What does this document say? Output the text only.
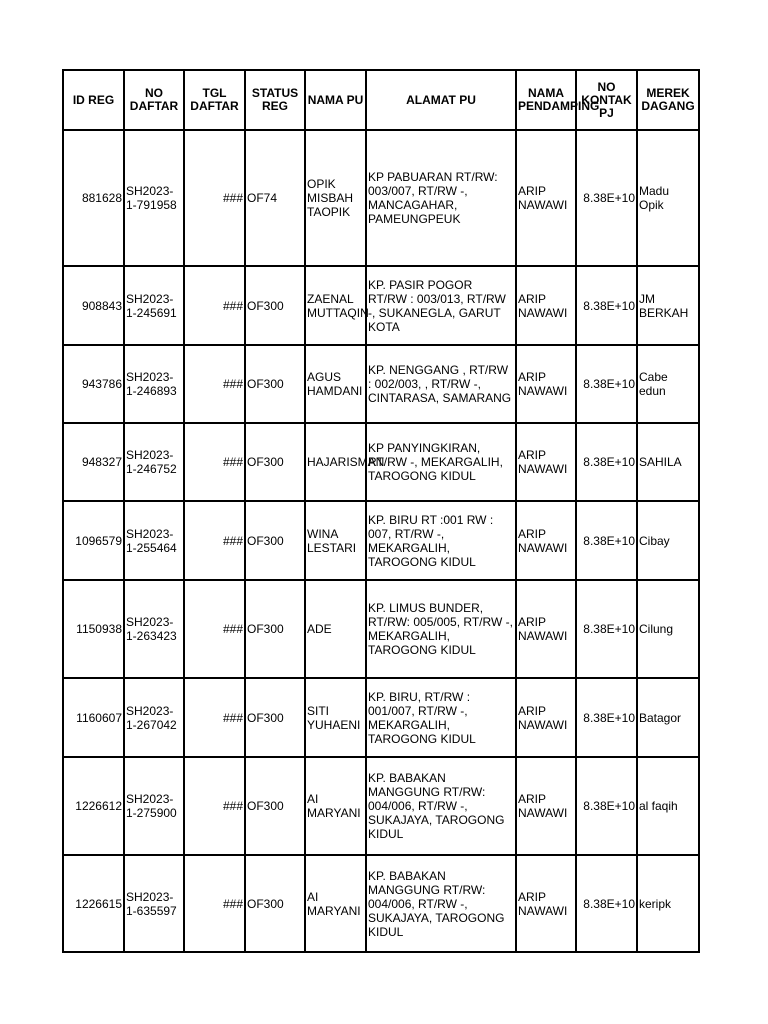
ID REG	NO DAFTAR	TGL DAFTAR	STATUS REG	NAMA PU	ALAMAT PU	NAMA PENDAMPING	NO KONTAK PJ	MEREK DAGANG
881628	SH2023-1-791958	###	OF74	OPIK MISBAH TAOPIK	KP PABUARAN RT/RW: 003/007, RT/RW -, MANCAGAHAR, PAMEUNGPEUK	ARIP NAWAWI	8.38E+10	Madu Opik
908843	SH2023-1-245691	###	OF300	ZAENAL MUTTAQIN	KP. PASIR POGOR RT/RW : 003/013, RT/RW -, SUKANEGLA, GARUT KOTA	ARIP NAWAWI	8.38E+10	JM BERKAH
943786	SH2023-1-246893	###	OF300	AGUS HAMDANI	KP. NENGGANG , RT/RW : 002/003, , RT/RW -, CINTARASA, SAMARANG	ARIP NAWAWI	8.38E+10	Cabe edun
948327	SH2023-1-246752	###	OF300	HAJARISMAN	KP PANYINGKIRAN, RT/RW -, MEKARGALIH, TAROGONG KIDUL	ARIP NAWAWI	8.38E+10	SAHILA
1096579	SH2023-1-255464	###	OF300	WINA LESTARI	KP. BIRU RT :001 RW : 007, RT/RW -, MEKARGALIH, TAROGONG KIDUL	ARIP NAWAWI	8.38E+10	Cibay
1150938	SH2023-1-263423	###	OF300	ADE	KP. LIMUS BUNDER, RT/RW: 005/005, RT/RW -, MEKARGALIH, TAROGONG KIDUL	ARIP NAWAWI	8.38E+10	Cilung
1160607	SH2023-1-267042	###	OF300	SITI YUHAENI	KP. BIRU, RT/RW : 001/007, RT/RW -, MEKARGALIH, TAROGONG KIDUL	ARIP NAWAWI	8.38E+10	Batagor
1226612	SH2023-1-275900	###	OF300	AI MARYANI	KP. BABAKAN MANGGUNG RT/RW: 004/006, RT/RW -, SUKAJAYA, TAROGONG KIDUL	ARIP NAWAWI	8.38E+10	al faqih
1226615	SH2023-1-635597	###	OF300	AI MARYANI	KP. BABAKAN MANGGUNG RT/RW: 004/006, RT/RW -, SUKAJAYA, TAROGONG KIDUL	ARIP NAWAWI	8.38E+10	keripk
